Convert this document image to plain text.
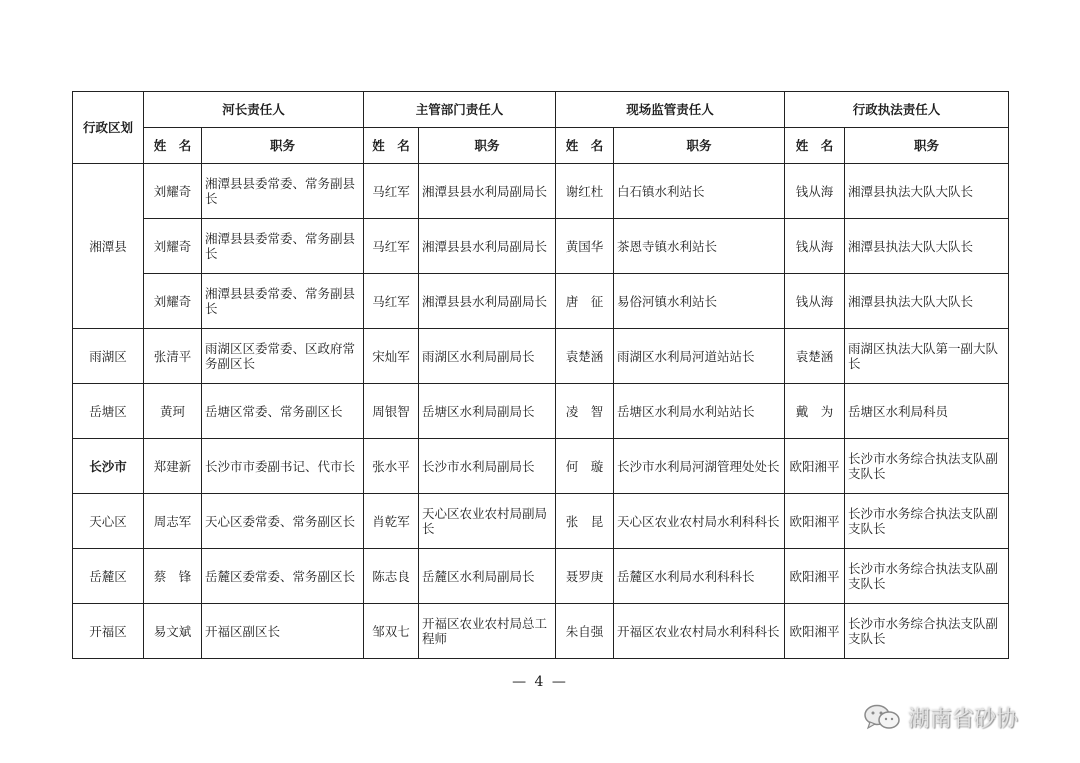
行政区划	河长责任人		主管部门责任人		现场监管责任人		行政执法责任人	
	姓　名	职务	姓　名	职务	姓　名	职务	姓　名	职务
湘潭县	刘耀奇	湘潭县县委常委、常务副县长	马红军	湘潭县县水利局副局长	谢红杜	白石镇水利站长	钱从海	湘潭县执法大队大队长
	刘耀奇	湘潭县县委常委、常务副县长	马红军	湘潭县县水利局副局长	黄国华	茶恩寺镇水利站长	钱从海	湘潭县执法大队大队长
	刘耀奇	湘潭县县委常委、常务副县长	马红军	湘潭县县水利局副局长	唐　征	易俗河镇水利站长	钱从海	湘潭县执法大队大队长
雨湖区	张清平	雨湖区区委常委、区政府常务副区长	宋灿军	雨湖区水利局副局长	袁楚涵	雨湖区水利局河道站站长	袁楚涵	雨湖区执法大队第一副大队长
岳塘区	黄珂	岳塘区常委、常务副区长	周银智	岳塘区水利局副局长	凌　智	岳塘区水利局水利站站长	戴　为	岳塘区水利局科员
长沙市	郑建新	长沙市市委副书记、代市长	张水平	长沙市水利局副局长	何　璇	长沙市水利局河湖管理处处长	欧阳湘平	长沙市水务综合执法支队副支队长
天心区	周志军	天心区委常委、常务副区长	肖乾军	天心区农业农村局副局长	张　昆	天心区农业农村局水利科科长	欧阳湘平	长沙市水务综合执法支队副支队长
岳麓区	蔡　锋	岳麓区委常委、常务副区长	陈志良	岳麓区水利局副局长	聂罗庚	岳麓区水利局水利科科长	欧阳湘平	长沙市水务综合执法支队副支队长
开福区	易文斌	开福区副区长	邹双七	开福区农业农村局总工程师	朱自强	开福区农业农村局水利科科长	欧阳湘平	长沙市水务综合执法支队副支队长
— 4 —
湖南省砂协
